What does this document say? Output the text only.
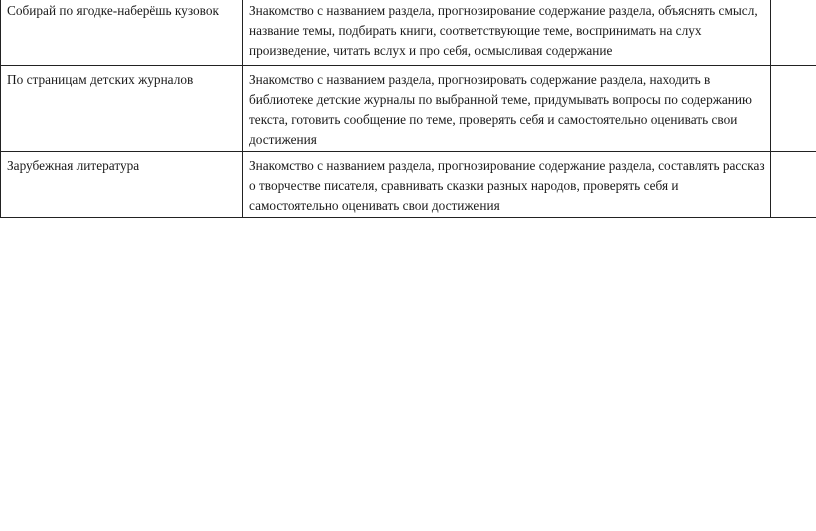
Собирай по ягодке-наберёшь кузовок	Знакомство с названием раздела, прогнозирование содержание раздела, объяснять смысл, название темы, подбирать книги, соответствующие теме, воспринимать на слух произведение, читать вслух и про себя, осмысливая содержание	
По страницам детских журналов	Знакомство с названием раздела, прогнозировать содержание раздела, находить в библиотеке детские журналы по выбранной теме, придумывать вопросы по содержанию текста, готовить сообщение по теме, проверять себя и самостоятельно оценивать свои достижения	
Зарубежная литература	Знакомство с названием раздела, прогнозирование содержание раздела, составлять рассказ о творчестве писателя, сравнивать сказки разных народов, проверять себя и самостоятельно оценивать свои достижения	
